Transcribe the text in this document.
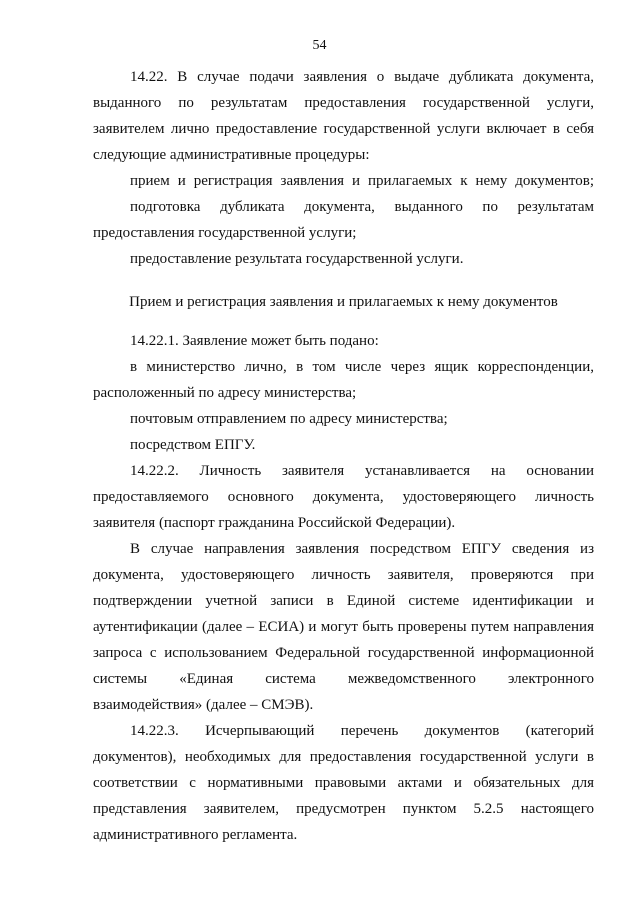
54
14.22. В случае подачи заявления о выдаче дубликата документа,
выданного по результатам предоставления государственной услуги,
заявителем лично предоставление государственной услуги включает в себя
следующие административные процедуры:
прием и регистрация заявления и прилагаемых к нему документов;
подготовка дубликата документа, выданного по результатам
предоставления государственной услуги;
предоставление результата государственной услуги.
Прием и регистрация заявления и прилагаемых к нему документов
14.22.1. Заявление может быть подано:
в министерство лично, в том числе через ящик корреспонденции,
расположенный по адресу министерства;
почтовым отправлением по адресу министерства;
посредством ЕПГУ.
14.22.2. Личность заявителя устанавливается на основании
предоставляемого основного документа, удостоверяющего личность
заявителя (паспорт гражданина Российской Федерации).
В случае направления заявления посредством ЕПГУ сведения из
документа, удостоверяющего личность заявителя, проверяются при
подтверждении учетной записи в Единой системе идентификации и
аутентификации (далее – ЕСИА) и могут быть проверены путем направления
запроса с использованием Федеральной государственной информационной
системы «Единая система межведомственного электронного
взаимодействия» (далее – СМЭВ).
14.22.3. Исчерпывающий перечень документов (категорий
документов), необходимых для предоставления государственной услуги в
соответствии с нормативными правовыми актами и обязательных для
представления заявителем, предусмотрен пунктом 5.2.5 настоящего
административного регламента.
